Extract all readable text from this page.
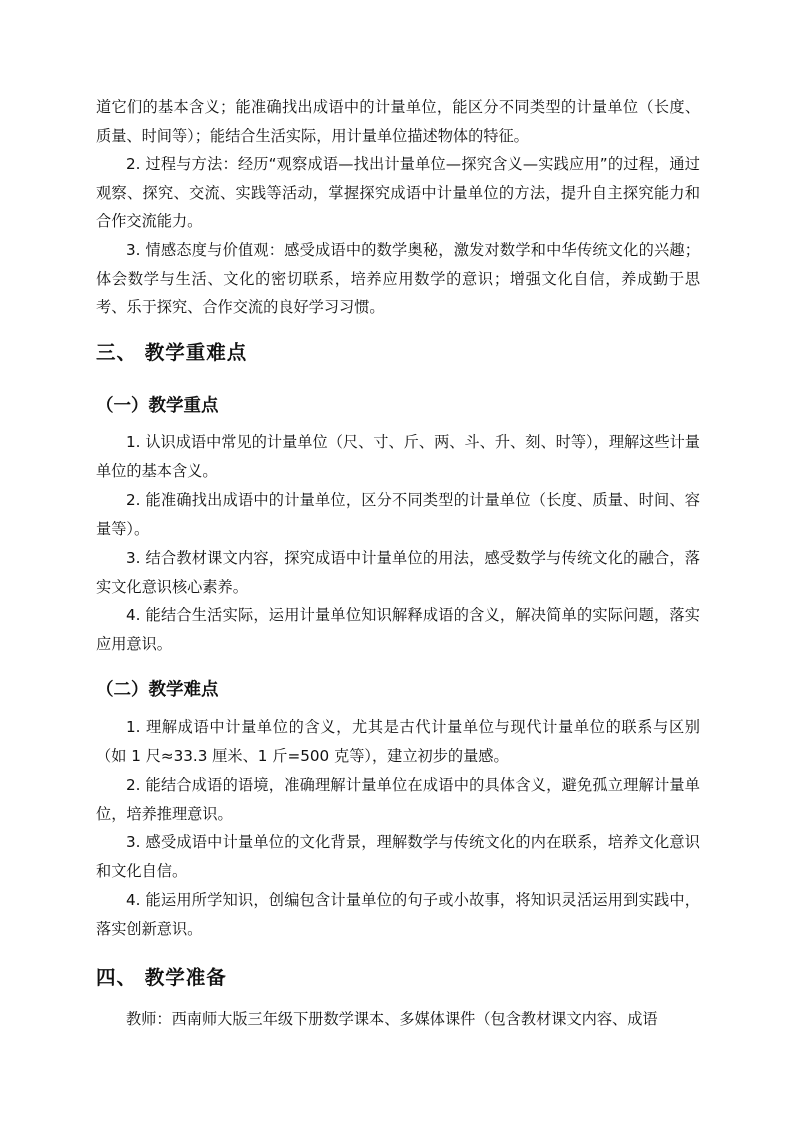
道它们的基本含义；能准确找出成语中的计量单位，能区分不同类型的计量单位（长度、质量、时间等）；能结合生活实际，用计量单位描述物体的特征。

2. 过程与方法：经历“观察成语—找出计量单位—探究含义—实践应用”的过程，通过观察、探究、交流、实践等活动，掌握探究成语中计量单位的方法，提升自主探究能力和合作交流能力。

3. 情感态度与价值观：感受成语中的数学奥秘，激发对数学和中华传统文化的兴趣；体会数学与生活、文化的密切联系，培养应用数学的意识；增强文化自信，养成勤于思考、乐于探究、合作交流的良好学习习惯。

三、 教学重难点
（一）教学重点

1. 认识成语中常见的计量单位（尺、寸、斤、两、斗、升、刻、时等），理解这些计量单位的基本含义。

2. 能准确找出成语中的计量单位，区分不同类型的计量单位（长度、质量、时间、容量等）。

3. 结合教材课文内容，探究成语中计量单位的用法，感受数学与传统文化的融合，落实文化意识核心素养。

4. 能结合生活实际，运用计量单位知识解释成语的含义，解决简单的实际问题，落实应用意识。

（二）教学难点

1. 理解成语中计量单位的含义，尤其是古代计量单位与现代计量单位的联系与区别（如 1 尺≈33.3 厘米、1 斤=500 克等），建立初步的量感。

2. 能结合成语的语境，准确理解计量单位在成语中的具体含义，避免孤立理解计量单位，培养推理意识。

3. 感受成语中计量单位的文化背景，理解数学与传统文化的内在联系，培养文化意识和文化自信。

4. 能运用所学知识，创编包含计量单位的句子或小故事，将知识灵活运用到实践中，落实创新意识。

四、 教学准备

教师：西南师大版三年级下册数学课本、多媒体课件（包含教材课文内容、成语
